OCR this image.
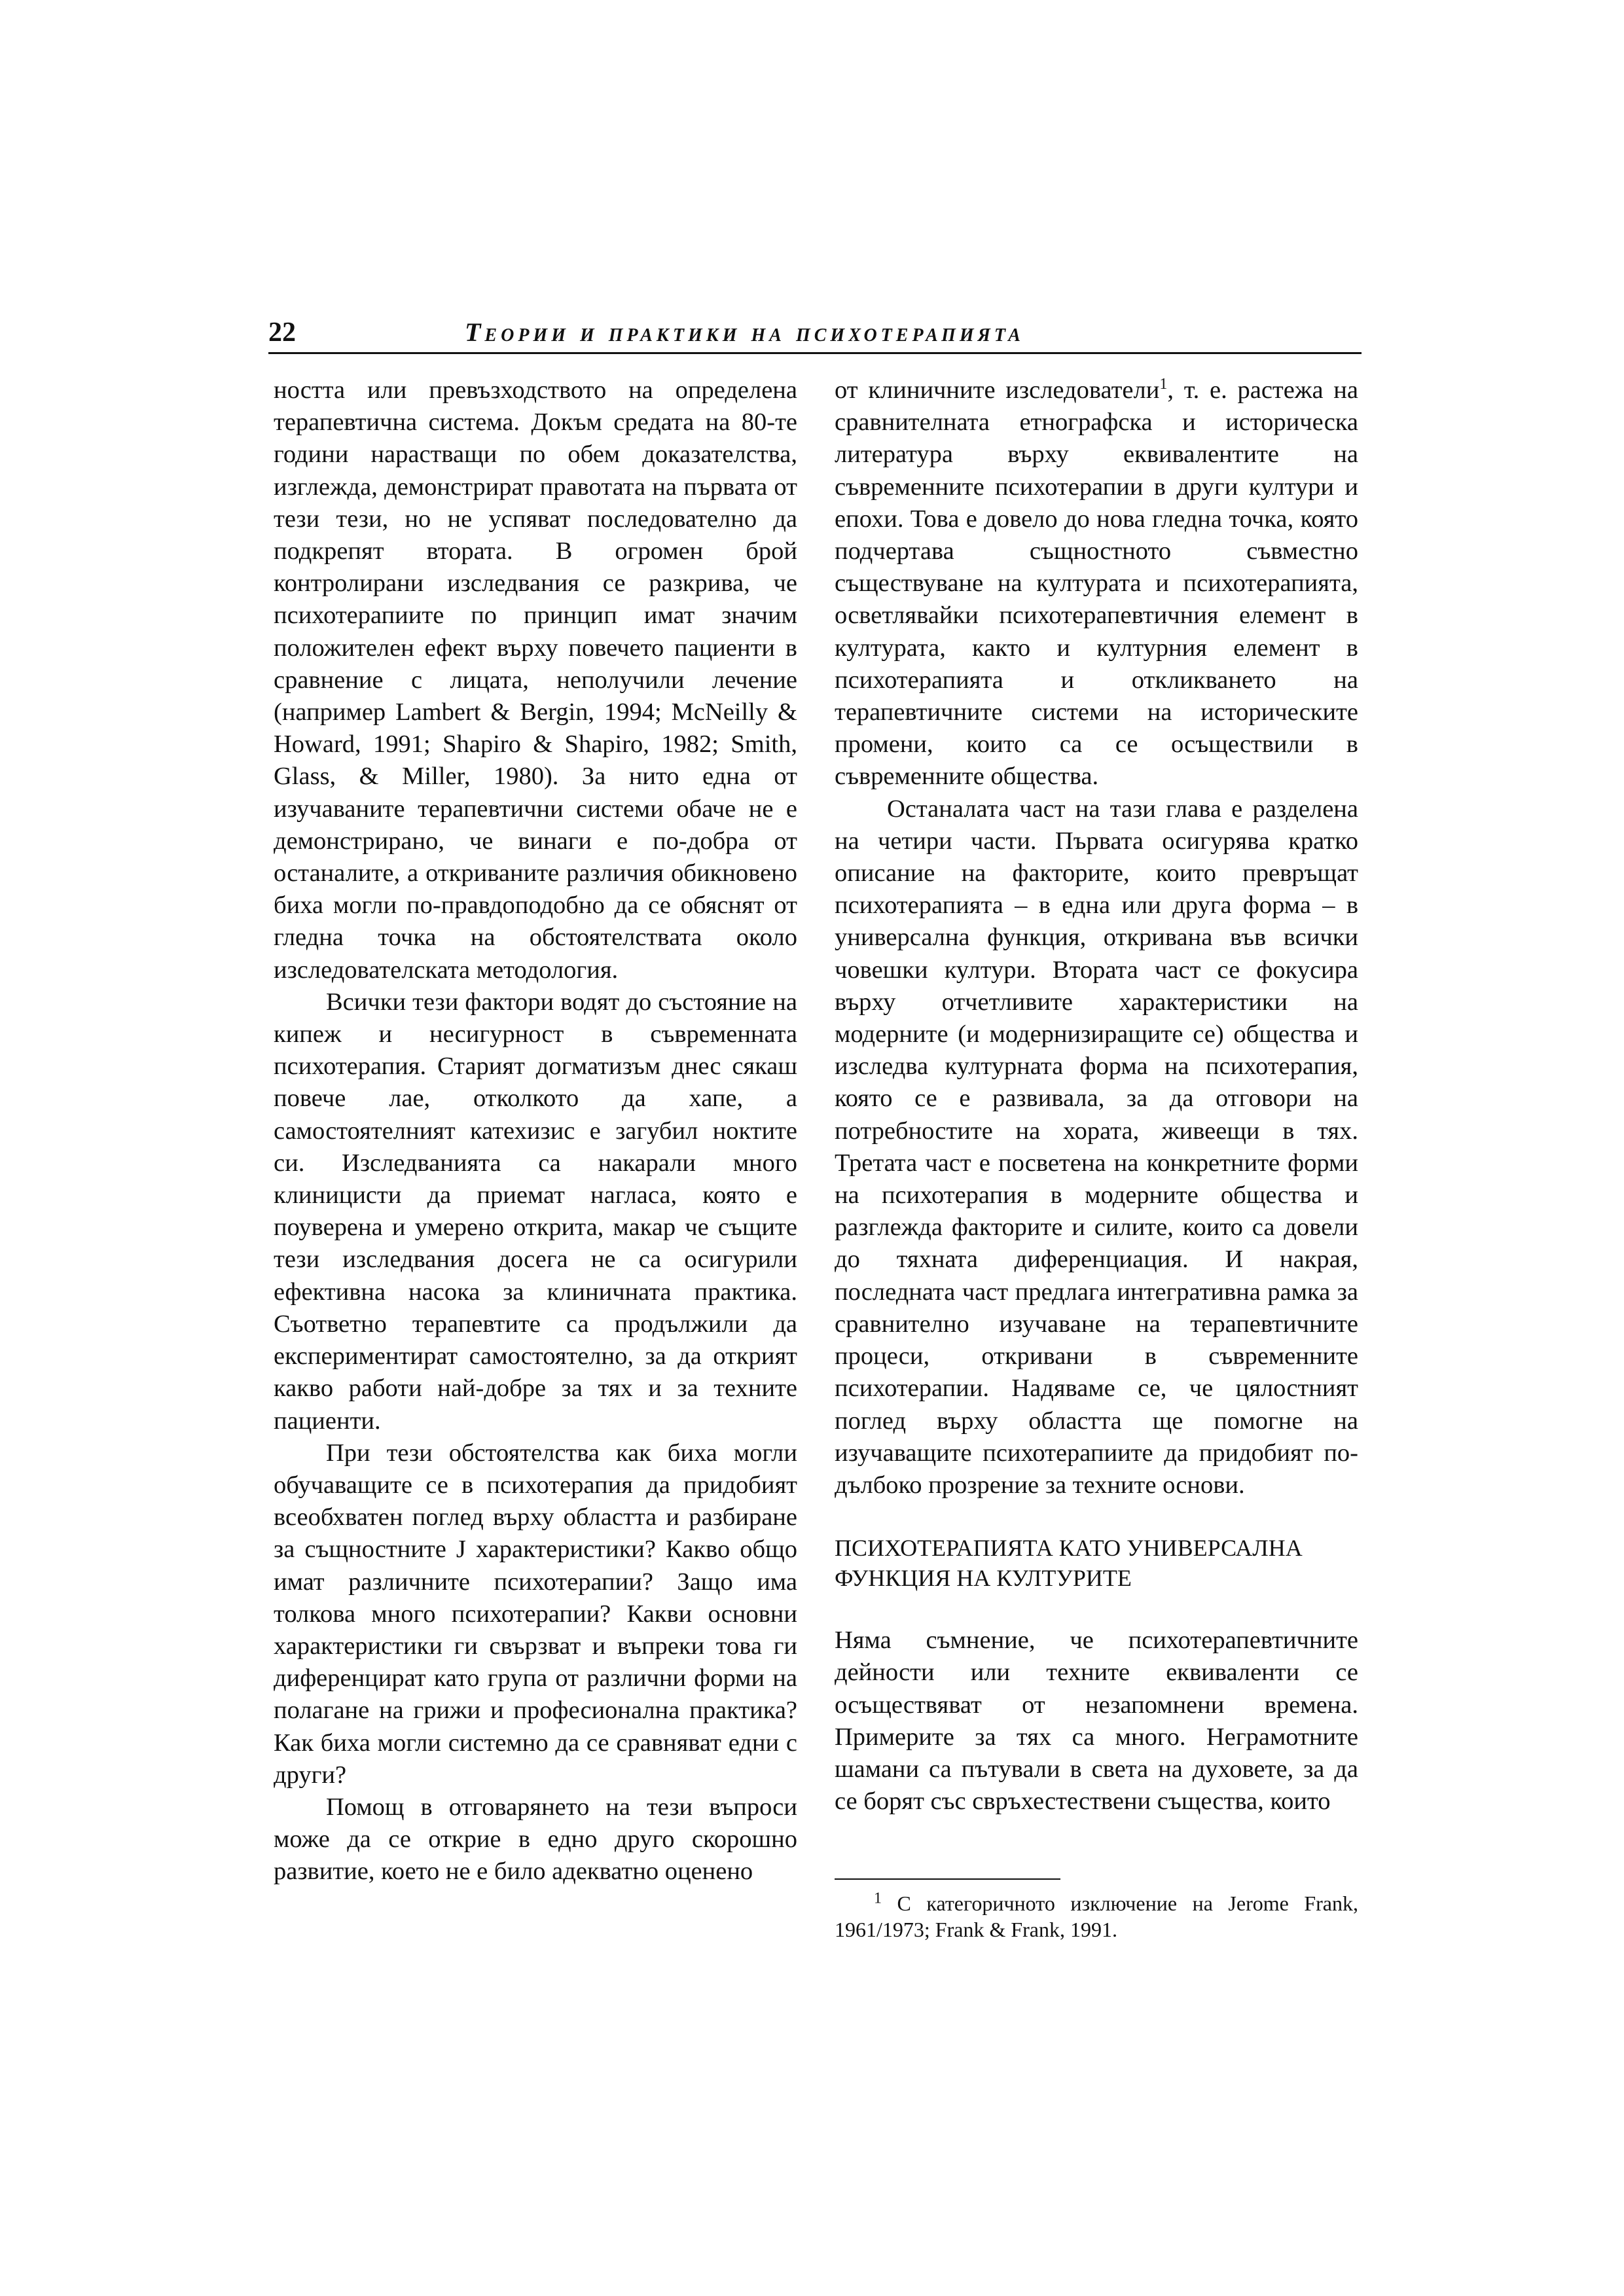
22	Теории и практики на психотерапията

ността или превъзходството на определена терапевтична система. Докъм средата на 80-те години нарастващи по обем доказателства, изглежда, демонстрират правотата на първата от тези тези, но не успяват последователно да подкрепят втората. В огромен брой контролирани изследвания се разкрива, че психотерапиите по принцип имат значим положителен ефект върху повечето пациенти в сравнение с лицата, неполучили лечение (например Lambert & Bergin, 1994; McNeilly & Howard, 1991; Shapiro & Shapiro, 1982; Smith, Glass, & Miller, 1980). За нито една от изучаваните терапевтични системи обаче не е демонстрирано, че винаги е по-добра от останалите, а откриваните различия обикновено биха могли по-правдоподобно да се обяснят от гледна точка на обстоятелствата около изследователската методология.

Всички тези фактори водят до състояние на кипеж и несигурност в съвременната психотерапия. Старият догматизъм днес сякаш повече лае, отколкото да хапе, а самостоятелният катехизис е загубил ноктите си. Изследванията са накарали много клиницисти да приемат нагласа, която е поуверена и умерено открита, макар че същите тези изследвания досега не са осигурили ефективна насока за клиничната практика. Съответно терапевтите са продължили да експериментират самостоятелно, за да открият какво работи най-добре за тях и за техните пациенти.

При тези обстоятелства как биха могли обучаващите се в психотерапия да придобият всеобхватен поглед върху областта и разбиране за същностните J характеристики? Какво общо имат различните психотерапии? Защо има толкова много психотерапии? Какви основни характеристики ги свързват и въпреки това ги диференцират като група от различни форми на полагане на грижи и професионална практика? Как биха могли системно да се сравняват едни с други?

Помощ в отговарянето на тези въпроси може да се открие в едно друго скорошно развитие, което не е било адекватно оценено

от клиничните изследователи$^1$, т. е. растежа на сравнителната етнографска и историческа литература върху еквивалентите на съвременните психотерапии в други култури и епохи. Това е довело до нова гледна точка, която подчертава същностното съвместно съществуване на културата и психотерапията, осветлявайки психотерапевтичния елемент в културата, както и културния елемент в психотерапията и откликването на терапевтичните системи на историческите промени, които са се осъществили в съвременните общества.

Останалата част на тази глава е разделена на четири части. Първата осигурява кратко описание на факторите, които превръщат психотерапията – в една или друга форма – в универсална функция, откривана във всички човешки култури. Втората част се фокусира върху отчетливите характеристики на модерните (и модернизиращите се) общества и изследва културната форма на психотерапия, която се е развивала, за да отговори на потребностите на хората, живеещи в тях. Третата част е посветена на конкретните форми на психотерапия в модерните общества и разглежда факторите и силите, които са довели до тяхната диференциация. И накрая, последната част предлага интегративна рамка за сравнително изучаване на терапевтичните процеси, откривани в съвременните психотерапии. Надяваме се, че цялостният поглед върху областта ще помогне на изучаващите психотерапиите да придобият по-дълбоко прозрение за техните основи.

ПСИХОТЕРАПИЯТА КАТО УНИВЕРСАЛНА ФУНКЦИЯ НА КУЛТУРИТЕ

Няма съмнение, че психотерапевтичните дейности или техните еквиваленти се осъществяват от незапомнени времена. Примерите за тях са много. Неграмотните шамани са пътували в света на духовете, за да се борят със свръхестествени същества, които

$^1$ С категоричното изключение на Jerome Frank, 1961/1973; Frank & Frank, 1991.
